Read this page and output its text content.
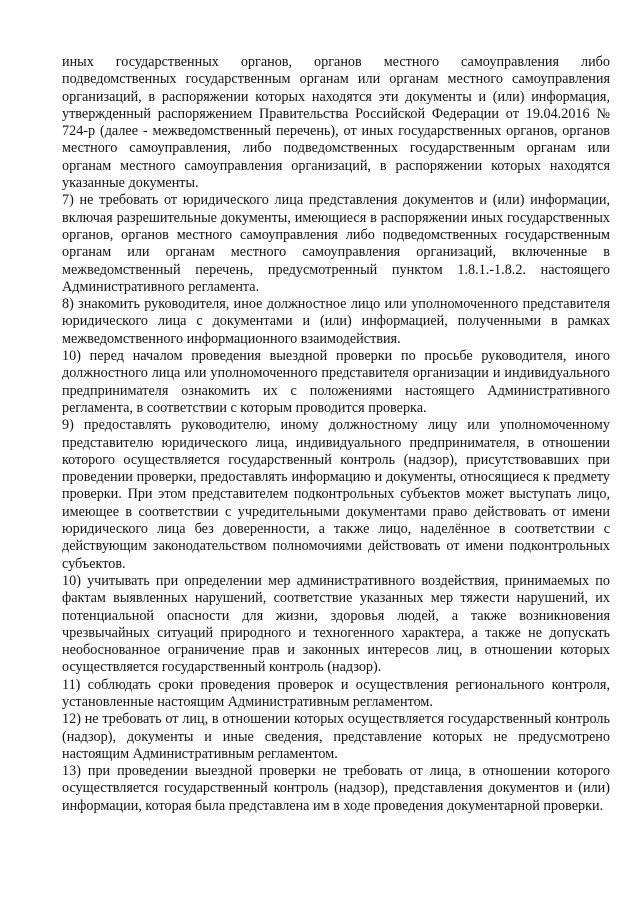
иных государственных органов, органов местного самоуправления либо подведомственных государственным органам или органам местного самоуправления организаций, в распоряжении которых находятся эти документы и (или) информация, утвержденный распоряжением Правительства Российской Федерации от 19.04.2016 № 724-р (далее - межведомственный перечень), от иных государственных органов, органов местного самоуправления, либо подведомственных государственным органам или органам местного самоуправления организаций, в распоряжении которых находятся указанные документы.

7) не требовать от юридического лица представления документов и (или) информации, включая разрешительные документы, имеющиеся в распоряжении иных государственных органов, органов местного самоуправления либо подведомственных государственным органам или органам местного самоуправления организаций, включенные в межведомственный перечень, предусмотренный пунктом 1.8.1.-1.8.2. настоящего Административного регламента.

8) знакомить руководителя, иное должностное лицо или уполномоченного представителя юридического лица с документами и (или) информацией, полученными в рамках межведомственного информационного взаимодействия.

10) перед началом проведения выездной проверки по просьбе руководителя, иного должностного лица или уполномоченного представителя организации и индивидуального предпринимателя ознакомить их с положениями настоящего Административного регламента, в соответствии с которым проводится проверка.

9) предоставлять руководителю, иному должностному лицу или уполномоченному представителю юридического лица, индивидуального предпринимателя, в отношении которого осуществляется государственный контроль (надзор), присутствовавших при проведении проверки, предоставлять информацию и документы, относящиеся к предмету проверки. При этом представителем подконтрольных субъектов может выступать лицо, имеющее в соответствии с учредительными документами право действовать от имени юридического лица без доверенности, а также лицо, наделённое в соответствии с действующим законодательством полномочиями действовать от имени подконтрольных субъектов.

10) учитывать при определении мер административного воздействия, принимаемых по фактам выявленных нарушений, соответствие указанных мер тяжести нарушений, их потенциальной опасности для жизни, здоровья людей, а также возникновения чрезвычайных ситуаций природного и техногенного характера, а также не допускать необоснованное ограничение прав и законных интересов лиц, в отношении которых осуществляется государственный контроль (надзор).

11) соблюдать сроки проведения проверок и осуществления регионального контроля, установленные настоящим Административным регламентом.

12) не требовать от лиц, в отношении которых осуществляется государственный контроль (надзор), документы и иные сведения, представление которых не предусмотрено настоящим Административным регламентом.

13) при проведении выездной проверки не требовать от лица, в отношении которого осуществляется государственный контроль (надзор), представления документов и (или) информации, которая была представлена им в ходе проведения документарной проверки.
